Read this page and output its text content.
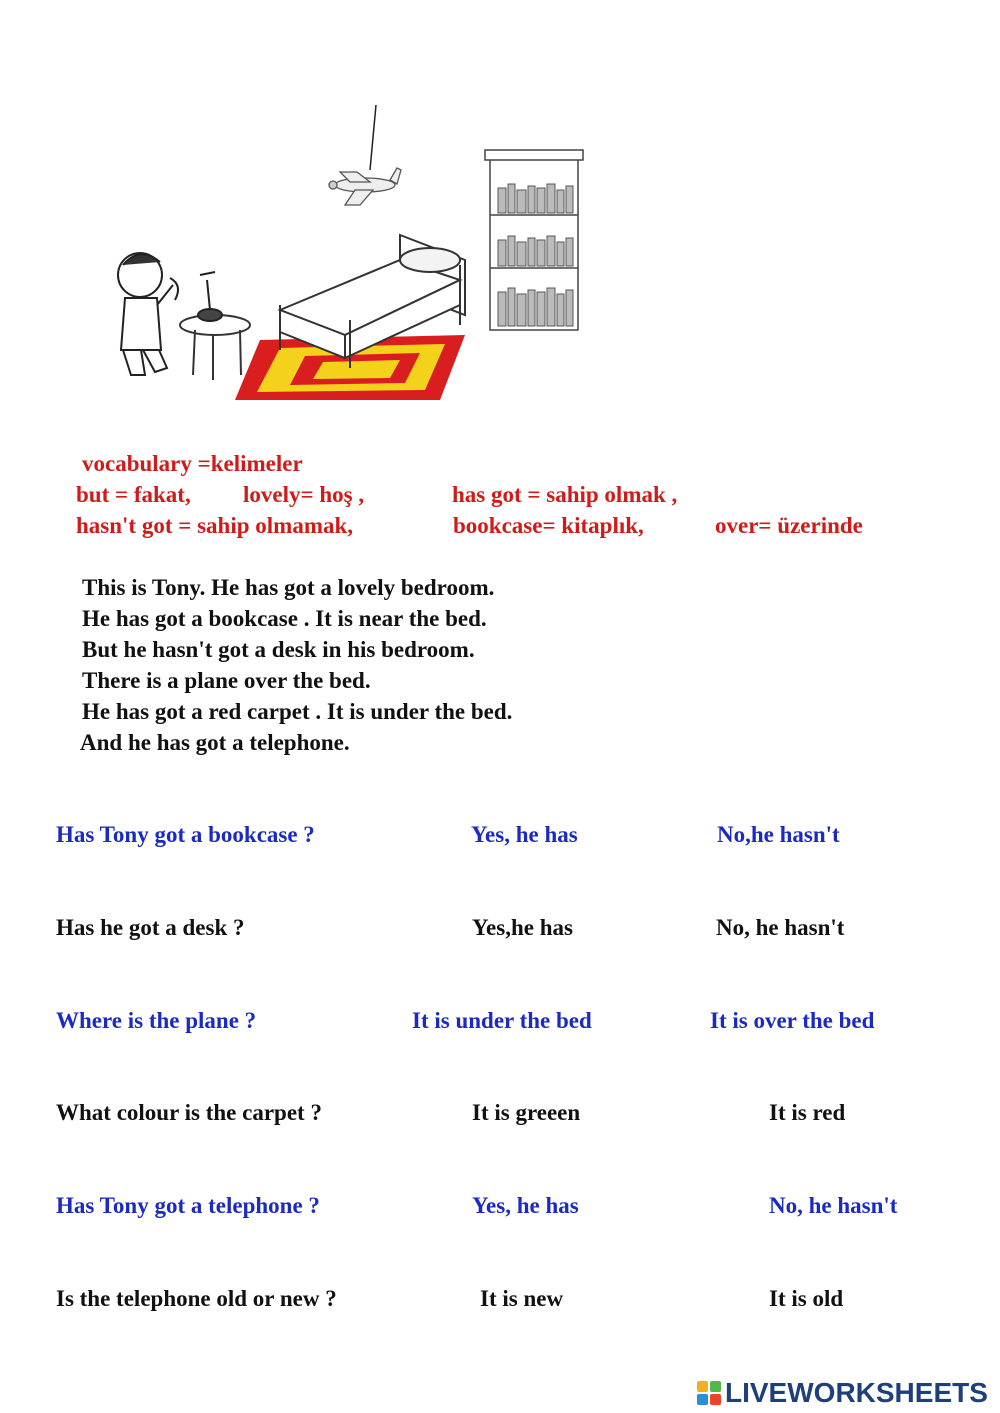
vocabulary =kelimeler
but = fakat, lovely= hoş ,	has got = sahip olmak ,
hasn't got = sahip olmamak,	bookcase= kitaplık,	over= üzerinde
This is Tony. He has got a lovely bedroom.
He has got a bookcase . It is near the bed.
But he hasn't got a desk in his bedroom.
There is a plane over the bed.
He has got a red carpet . It is under the bed.
And he has got a telephone.
Has Tony got a bookcase ?	Yes, he has	No,he hasn't
Has he got a desk ?	Yes,he has	No, he hasn't
Where is the plane ?	It is under the bed	It is over the bed
What colour is the carpet ?	It is greeen	It is red
Has Tony got a telephone ?	Yes, he has	No, he hasn't
Is the telephone old or new ?	It is new	It is old
LIVEWORKSHEETS
